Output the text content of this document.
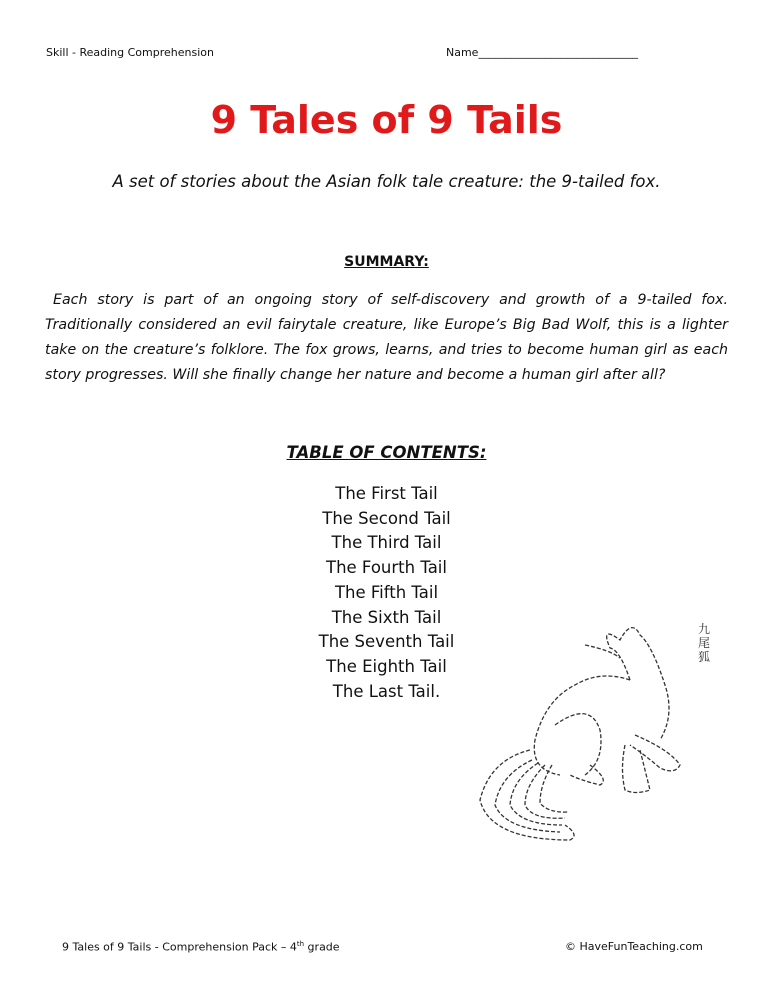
Skill - Reading Comprehension	Name_____________________________
9 Tales of 9 Tails
A set of stories about the Asian folk tale creature: the 9-tailed fox.
SUMMARY:
Each story is part of an ongoing story of self-discovery and growth of a 9-tailed fox. Traditionally considered an evil fairytale creature, like Europe’s Big Bad Wolf, this is a lighter take on the creature’s folklore. The fox grows, learns, and tries to become human girl as each story progresses. Will she finally change her nature and become a human girl after all?
TABLE OF CONTENTS:
The First Tail
The Second Tail
The Third Tail
The Fourth Tail
The Fifth Tail
The Sixth Tail
The Seventh Tail
The Eighth Tail
The Last Tail.
九尾狐
9 Tales of 9 Tails - Comprehension Pack – 4th grade	© HaveFunTeaching.com
